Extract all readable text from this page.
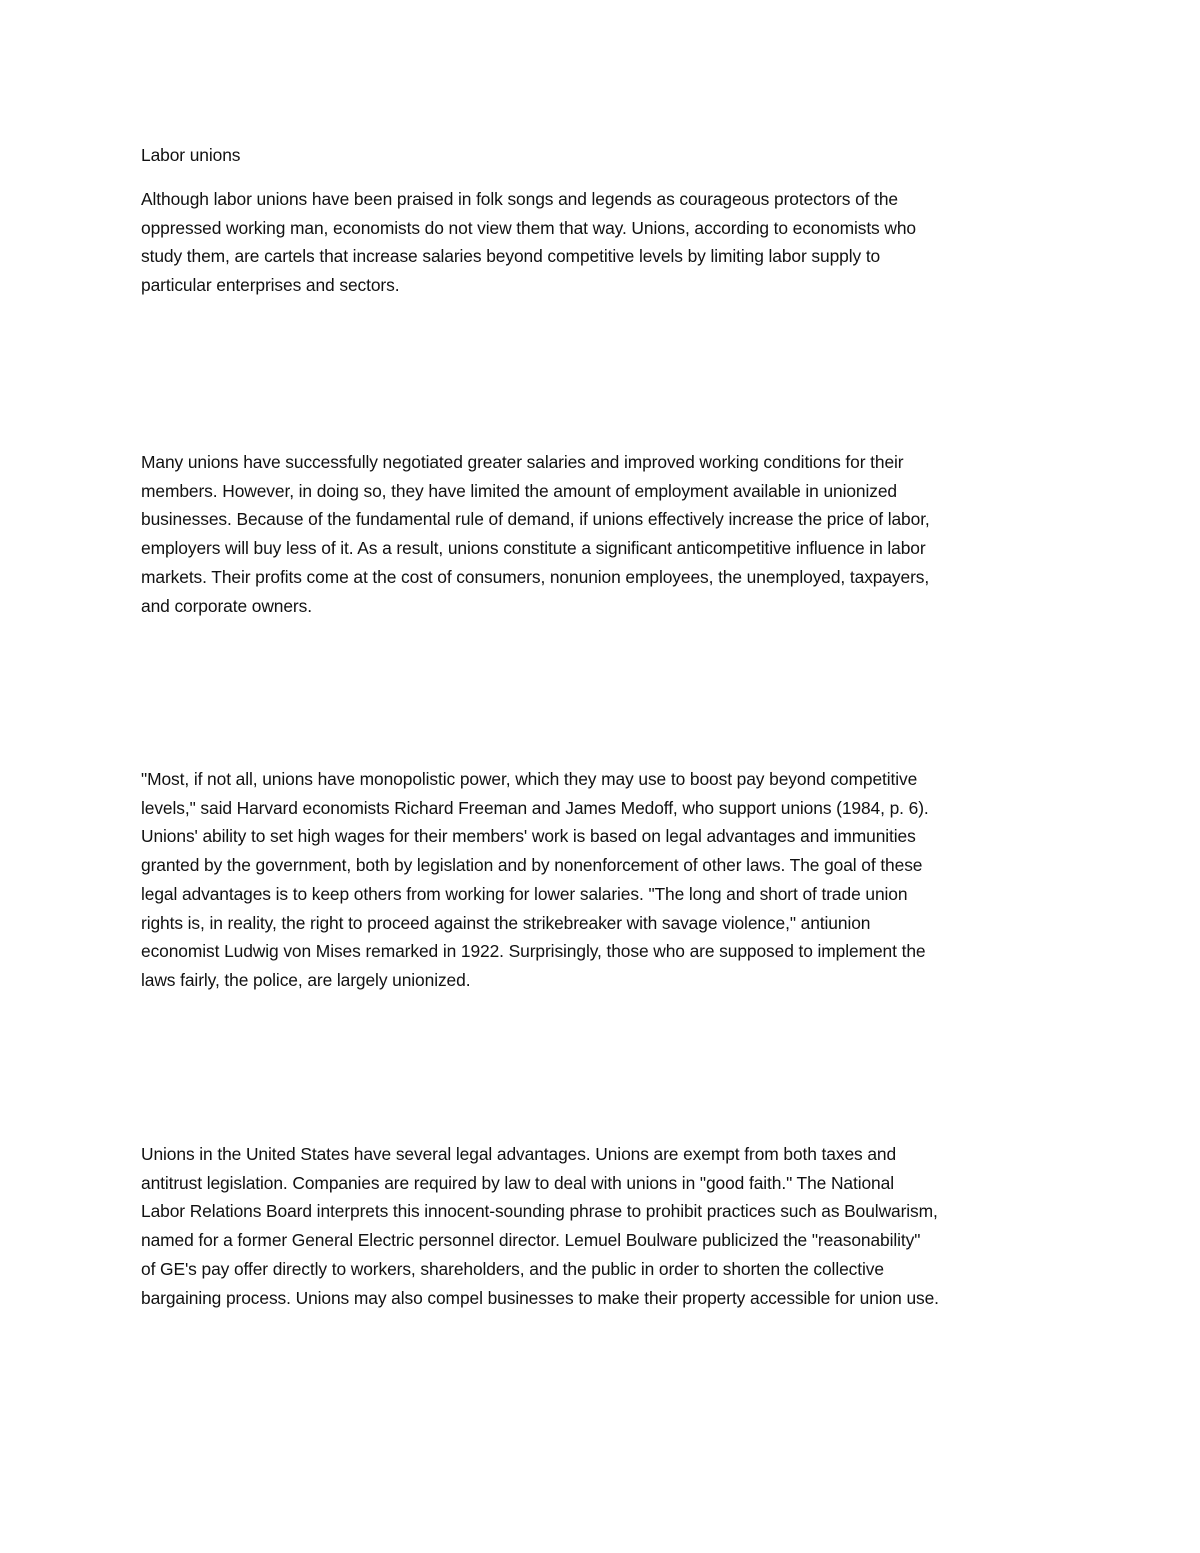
Labor unions
Although labor unions have been praised in folk songs and legends as courageous protectors of the
oppressed working man, economists do not view them that way. Unions, according to economists who
study them, are cartels that increase salaries beyond competitive levels by limiting labor supply to
particular enterprises and sectors.
Many unions have successfully negotiated greater salaries and improved working conditions for their
members. However, in doing so, they have limited the amount of employment available in unionized
businesses. Because of the fundamental rule of demand, if unions effectively increase the price of labor,
employers will buy less of it. As a result, unions constitute a significant anticompetitive influence in labor
markets. Their profits come at the cost of consumers, nonunion employees, the unemployed, taxpayers,
and corporate owners.
"Most, if not all, unions have monopolistic power, which they may use to boost pay beyond competitive
levels," said Harvard economists Richard Freeman and James Medoff, who support unions (1984, p. 6).
Unions' ability to set high wages for their members' work is based on legal advantages and immunities
granted by the government, both by legislation and by nonenforcement of other laws. The goal of these
legal advantages is to keep others from working for lower salaries. "The long and short of trade union
rights is, in reality, the right to proceed against the strikebreaker with savage violence," antiunion
economist Ludwig von Mises remarked in 1922. Surprisingly, those who are supposed to implement the
laws fairly, the police, are largely unionized.
Unions in the United States have several legal advantages. Unions are exempt from both taxes and
antitrust legislation. Companies are required by law to deal with unions in "good faith." The National
Labor Relations Board interprets this innocent-sounding phrase to prohibit practices such as Boulwarism,
named for a former General Electric personnel director. Lemuel Boulware publicized the "reasonability"
of GE's pay offer directly to workers, shareholders, and the public in order to shorten the collective
bargaining process. Unions may also compel businesses to make their property accessible for union use.
